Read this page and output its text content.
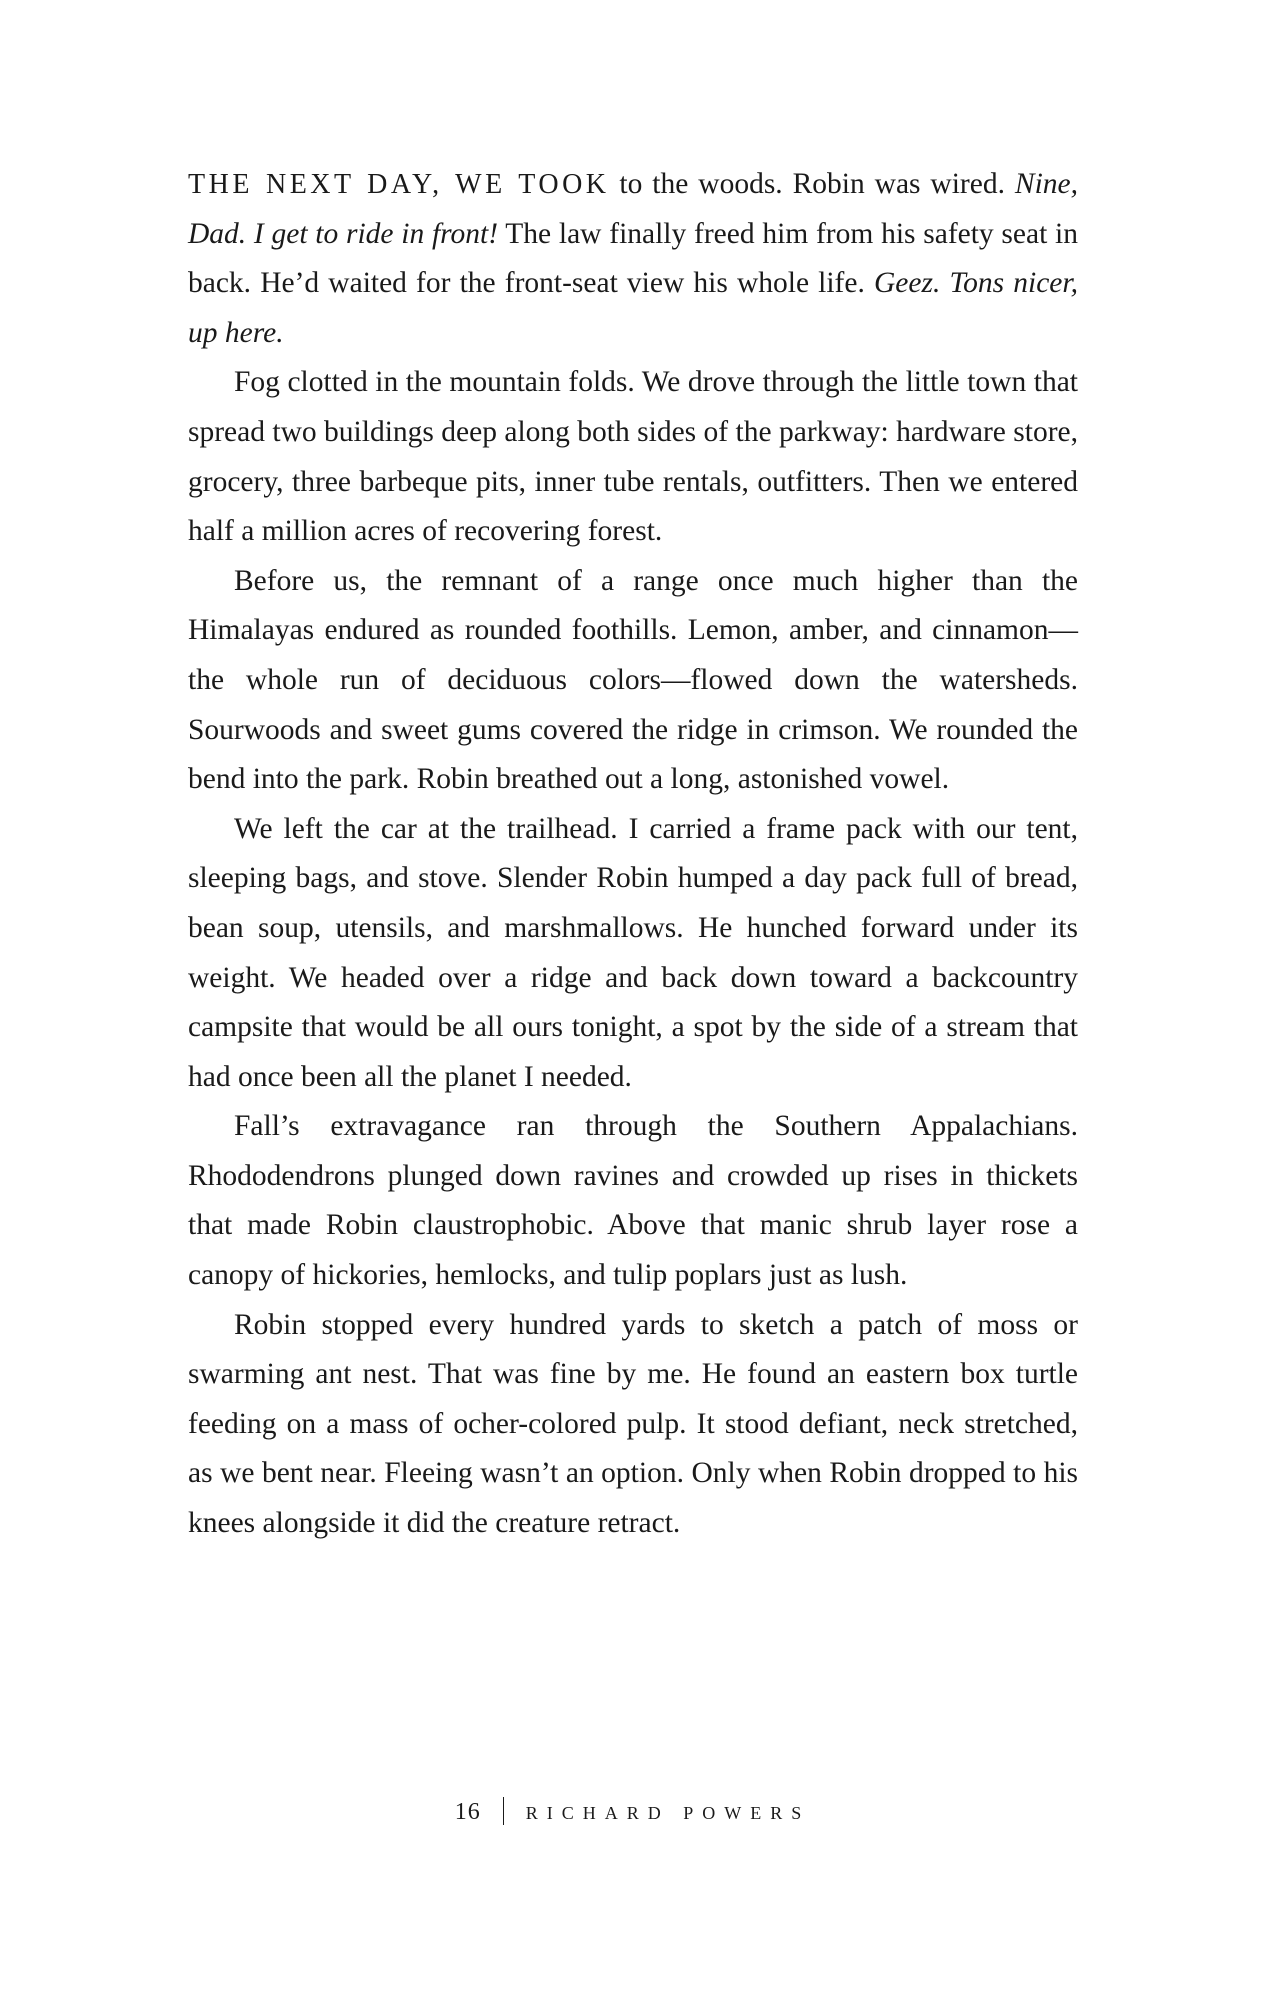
THE NEXT DAY, WE TOOK to the woods. Robin was wired. Nine, Dad. I get to ride in front! The law finally freed him from his safety seat in back. He’d waited for the front-seat view his whole life. Geez. Tons nicer, up here.

Fog clotted in the mountain folds. We drove through the little town that spread two buildings deep along both sides of the parkway: hardware store, grocery, three barbeque pits, inner tube rentals, outfitters. Then we entered half a million acres of recovering forest.

Before us, the remnant of a range once much higher than the Himalayas endured as rounded foothills. Lemon, amber, and cinnamon—the whole run of deciduous colors—flowed down the watersheds. Sourwoods and sweet gums covered the ridge in crimson. We rounded the bend into the park. Robin breathed out a long, astonished vowel.

We left the car at the trailhead. I carried a frame pack with our tent, sleeping bags, and stove. Slender Robin humped a day pack full of bread, bean soup, utensils, and marshmallows. He hunched forward under its weight. We headed over a ridge and back down toward a backcountry campsite that would be all ours tonight, a spot by the side of a stream that had once been all the planet I needed.

Fall’s extravagance ran through the Southern Appalachians. Rhododendrons plunged down ravines and crowded up rises in thickets that made Robin claustrophobic. Above that manic shrub layer rose a canopy of hickories, hemlocks, and tulip poplars just as lush.

Robin stopped every hundred yards to sketch a patch of moss or swarming ant nest. That was fine by me. He found an eastern box turtle feeding on a mass of ocher-colored pulp. It stood defiant, neck stretched, as we bent near. Fleeing wasn’t an option. Only when Robin dropped to his knees alongside it did the creature retract.

16	RICHARD POWERS
